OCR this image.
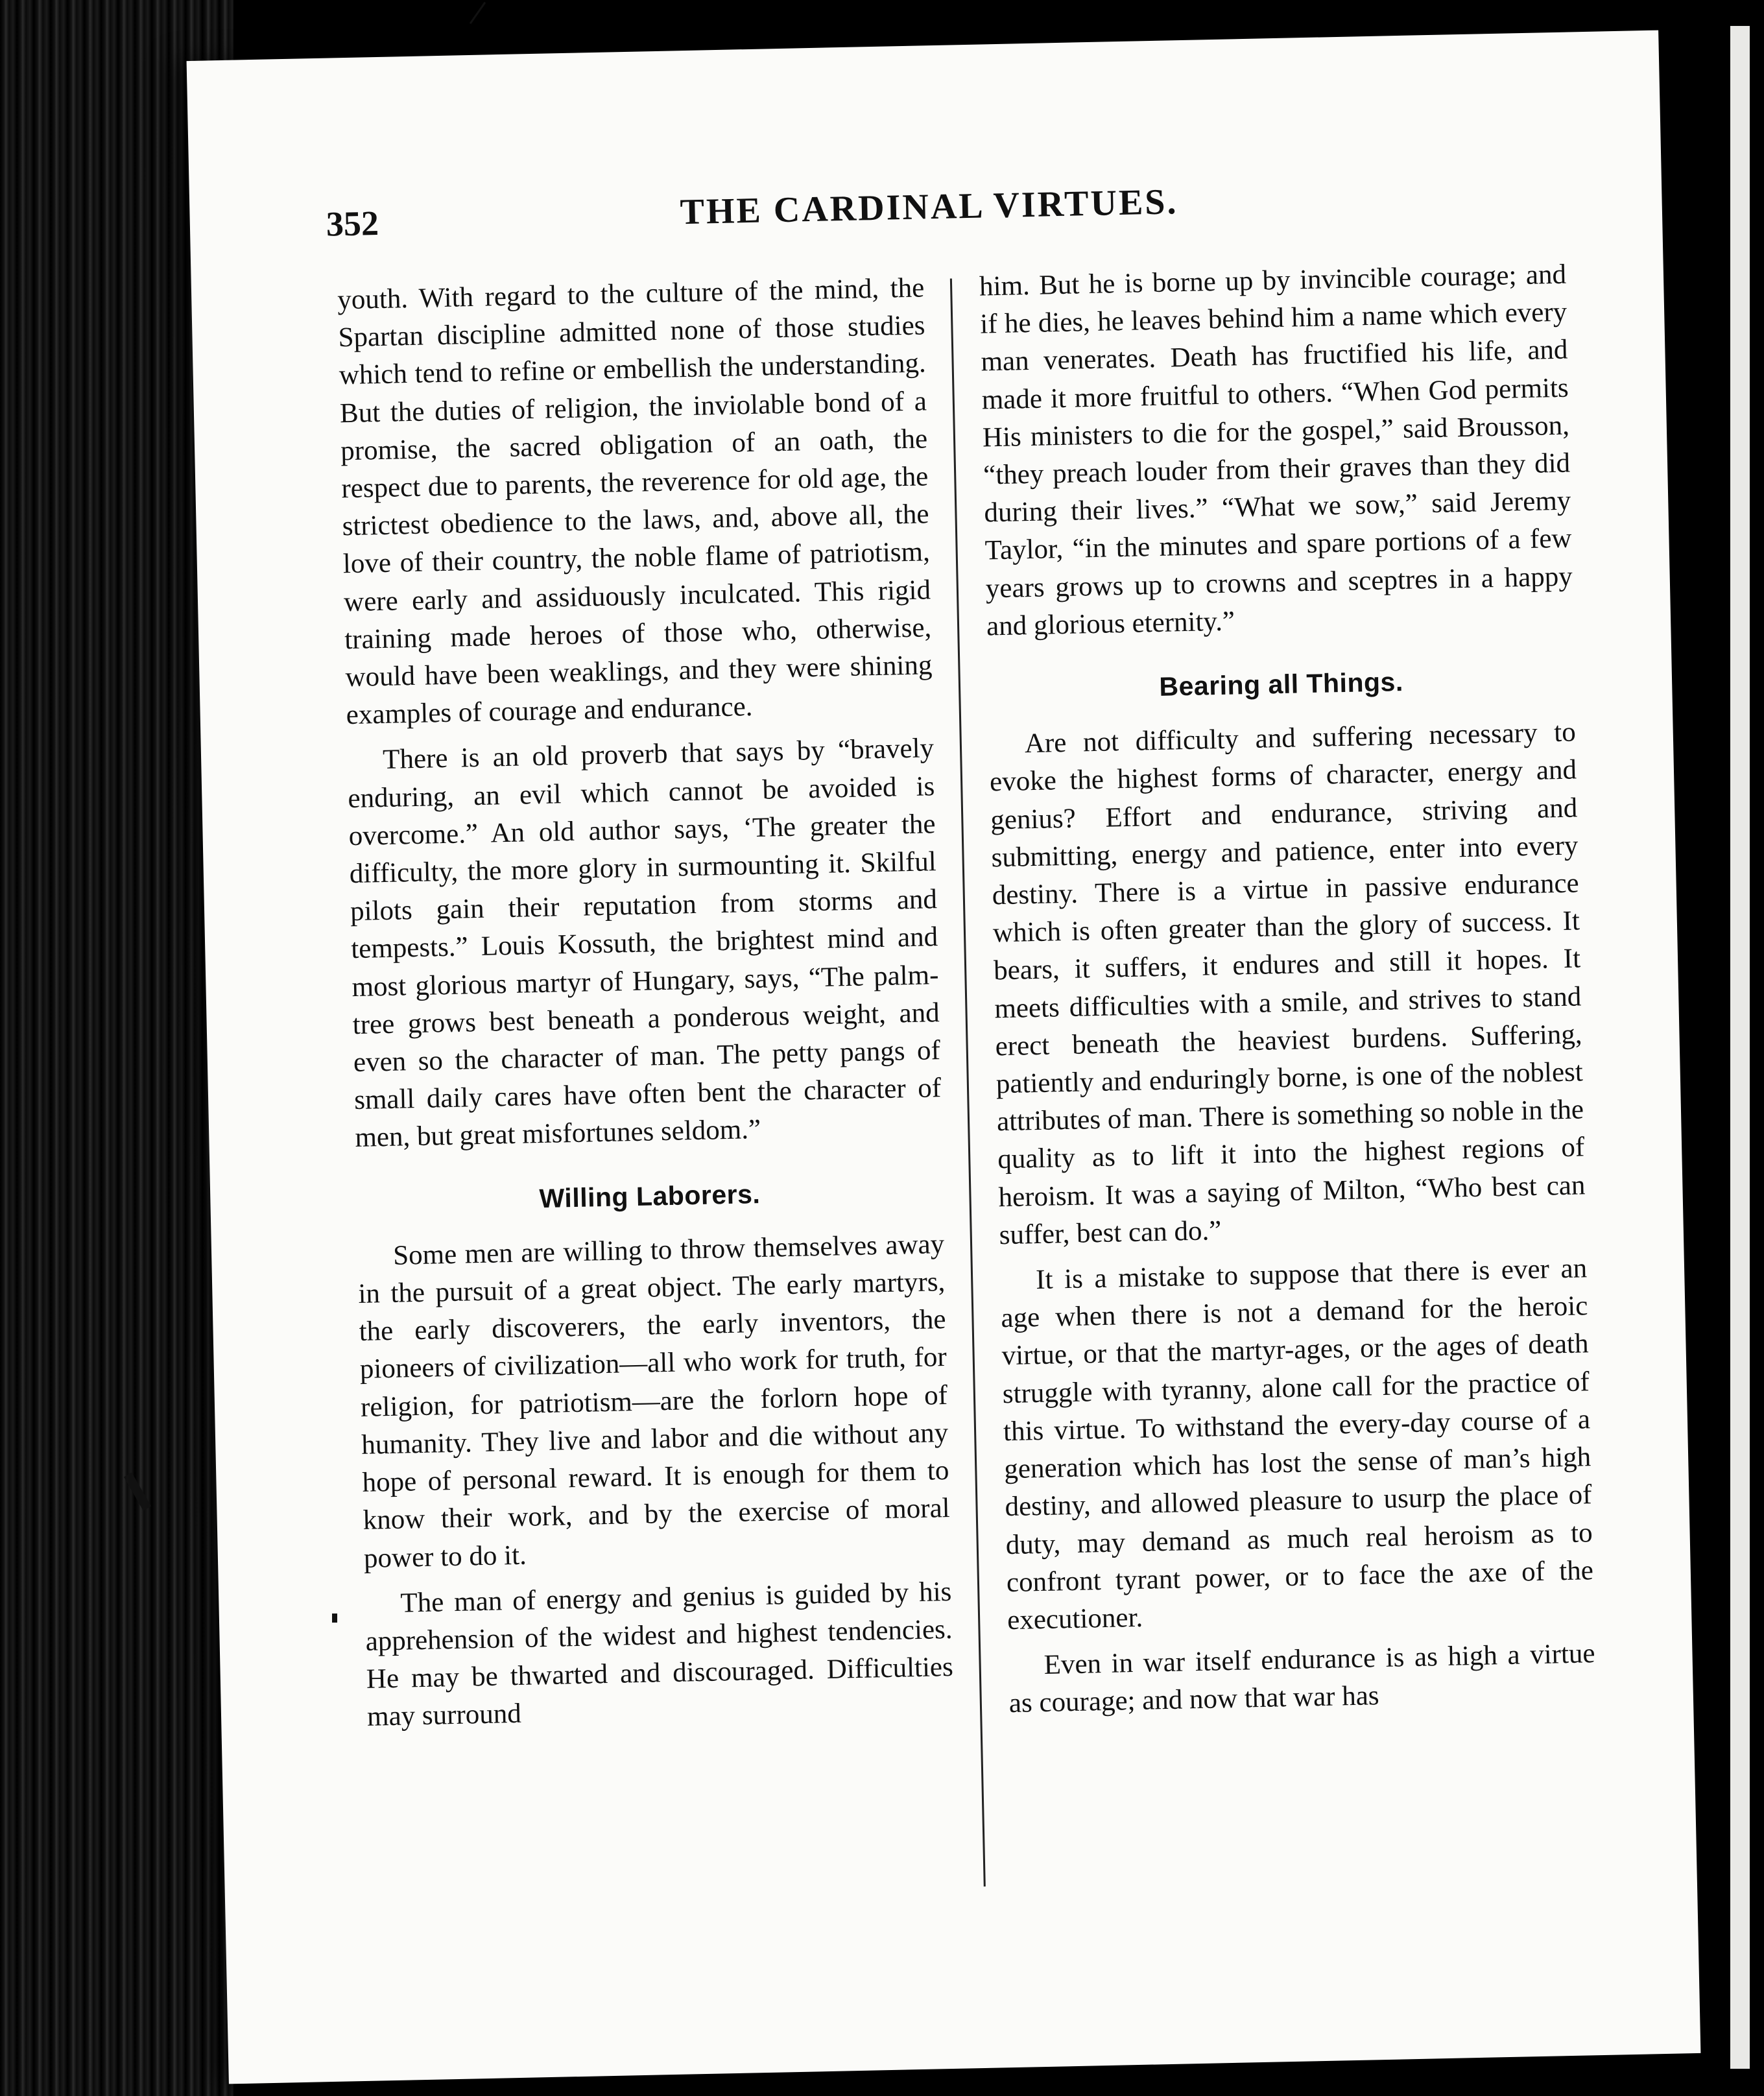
352	THE CARDINAL VIRTUES.

youth. With regard to the culture of the mind, the Spartan discipline admitted none of those studies which tend to refine or embellish the understanding. But the duties of religion, the inviolable bond of a promise, the sacred obligation of an oath, the respect due to parents, the reverence for old age, the strictest obedience to the laws, and, above all, the love of their country, the noble flame of patriotism, were early and assiduously inculcated. This rigid training made heroes of those who, otherwise, would have been weaklings, and they were shining examples of courage and endurance.

There is an old proverb that says by “bravely enduring, an evil which cannot be avoided is overcome.” An old author says, ‘The greater the difficulty, the more glory in surmounting it. Skilful pilots gain their reputation from storms and tempests.” Louis Kossuth, the brightest mind and most glorious martyr of Hungary, says, “The palm-tree grows best beneath a ponderous weight, and even so the character of man. The petty pangs of small daily cares have often bent the character of men, but great misfortunes seldom.”

Willing Laborers.

Some men are willing to throw themselves away in the pursuit of a great object. The early martyrs, the early discoverers, the early inventors, the pioneers of civilization—all who work for truth, for religion, for patriotism—are the forlorn hope of humanity. They live and labor and die without any hope of personal reward. It is enough for them to know their work, and by the exercise of moral power to do it.

The man of energy and genius is guided by his apprehension of the widest and highest tendencies. He may be thwarted and discouraged. Difficulties may surround

him. But he is borne up by invincible courage; and if he dies, he leaves behind him a name which every man venerates. Death has fructified his life, and made it more fruitful to others. “When God permits His ministers to die for the gospel,” said Brousson, “they preach louder from their graves than they did during their lives.” “What we sow,” said Jeremy Taylor, “in the minutes and spare portions of a few years grows up to crowns and sceptres in a happy and glorious eternity.”

Bearing all Things.

Are not difficulty and suffering necessary to evoke the highest forms of character, energy and genius? Effort and endurance, striving and submitting, energy and patience, enter into every destiny. There is a virtue in passive endurance which is often greater than the glory of success. It bears, it suffers, it endures and still it hopes. It meets difficulties with a smile, and strives to stand erect beneath the heaviest burdens. Suffering, patiently and enduringly borne, is one of the noblest attributes of man. There is something so noble in the quality as to lift it into the highest regions of heroism. It was a saying of Milton, “Who best can suffer, best can do.”

It is a mistake to suppose that there is ever an age when there is not a demand for the heroic virtue, or that the martyr-ages, or the ages of death struggle with tyranny, alone call for the practice of this virtue. To withstand the every-day course of a generation which has lost the sense of man’s high destiny, and allowed pleasure to usurp the place of duty, may demand as much real heroism as to confront tyrant power, or to face the axe of the executioner.

Even in war itself endurance is as high a virtue as courage; and now that war has
